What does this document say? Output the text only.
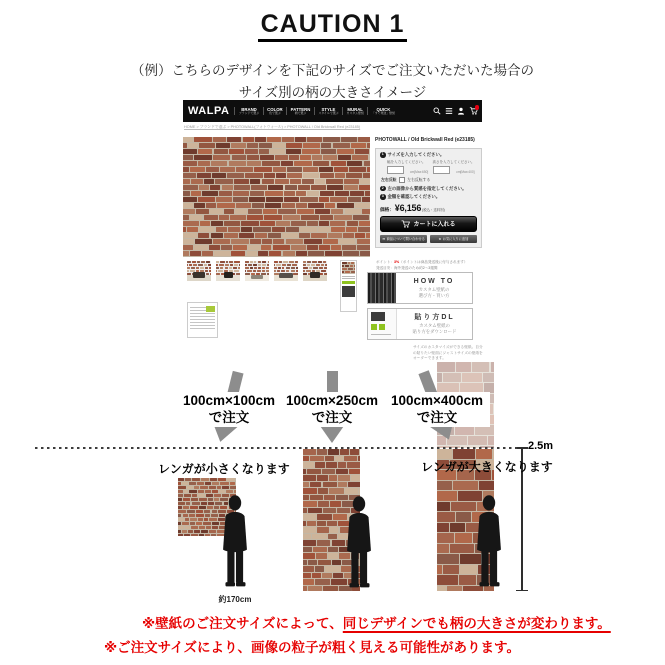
CAUTION 1
（例）こちらのデザインを下記のサイズでご注文いただいた場合の
サイズ別の柄の大きさイメージ
WALPA	BRAND
ブランドで選ぶ
COLOR
色で選ぶ
PATTERN
柄で選ぶ
STYLE
スタイルで選ぶ
MURAL
カスタム壁紙
QUICK
「すぐ発送」壁紙
HOME > ブランドで選ぶ > PHOTOWALL(フォトウォール) > PHOTOWALL / Old Brickwall Red (e23185)
PHOTOWALL / Old Brickwall Red (e23185)
1 サイズを入力してください。
幅を入力してください。 高さを入力してください。
cm[Max:650]	cm[Max:400]
左右反転	左右反転する
2 左の画像から質感を指定してください。
3 金額を確認してください。
価格： ¥6,156 (税込・送料別)
カートに入れる
✉ 商品について問い合わせる	★ お気に入りに追加
ポイント：3%（ポイントは商品発送後に付与されます）
発送目安：海外発送のため約2〜3週間
HOW TO
カスタム壁紙の
選び方・買い方
貼り方DL
カスタム壁紙の
貼り方をダウンロード
サイズのカスタマイズができる壁紙。自分の貼りたい壁面にジャストサイズの壁紙をオーダーできます。
100cm×100cm
で注文
100cm×250cm
で注文
100cm×400cm
で注文
レンガが小さくなります	レンガが大きくなります
2.5m
約170cm
※壁紙のご注文サイズによって、同じデザインでも柄の大きさが変わります。
※ご注文サイズにより、画像の粒子が粗く見える可能性があります。
